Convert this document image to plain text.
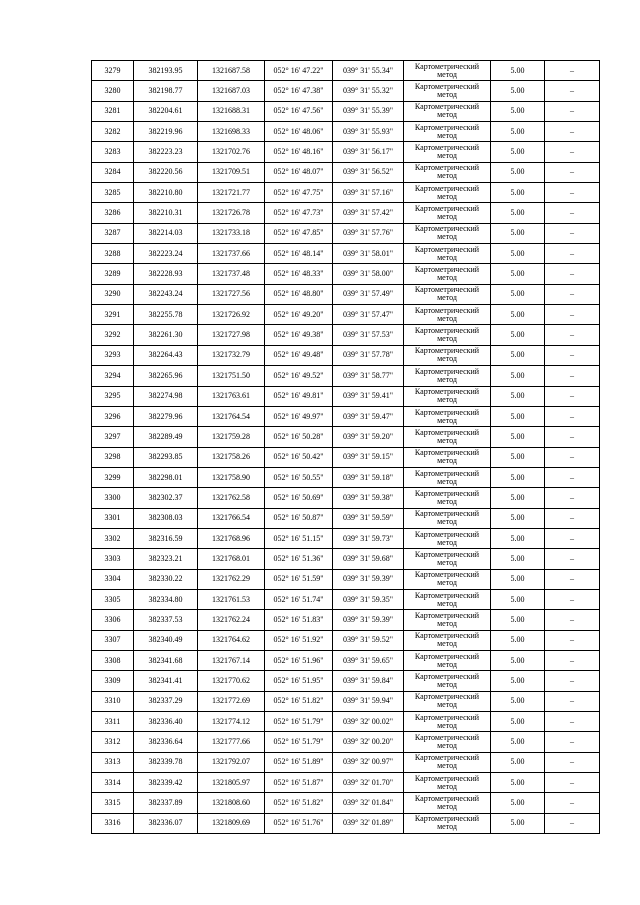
3279	382193.95	1321687.58	052° 16' 47.22"	039° 31' 55.34"	Картометрический метод	5.00	–
3280	382198.77	1321687.03	052° 16' 47.38"	039° 31' 55.32"	Картометрический метод	5.00	–
3281	382204.61	1321688.31	052° 16' 47.56"	039° 31' 55.39"	Картометрический метод	5.00	–
3282	382219.96	1321698.33	052° 16' 48.06"	039° 31' 55.93"	Картометрический метод	5.00	–
3283	382223.23	1321702.76	052° 16' 48.16"	039° 31' 56.17"	Картометрический метод	5.00	–
3284	382220.56	1321709.51	052° 16' 48.07"	039° 31' 56.52"	Картометрический метод	5.00	–
3285	382210.80	1321721.77	052° 16' 47.75"	039° 31' 57.16"	Картометрический метод	5.00	–
3286	382210.31	1321726.78	052° 16' 47.73"	039° 31' 57.42"	Картометрический метод	5.00	–
3287	382214.03	1321733.18	052° 16' 47.85"	039° 31' 57.76"	Картометрический метод	5.00	–
3288	382223.24	1321737.66	052° 16' 48.14"	039° 31' 58.01"	Картометрический метод	5.00	–
3289	382228.93	1321737.48	052° 16' 48.33"	039° 31' 58.00"	Картометрический метод	5.00	–
3290	382243.24	1321727.56	052° 16' 48.80"	039° 31' 57.49"	Картометрический метод	5.00	–
3291	382255.78	1321726.92	052° 16' 49.20"	039° 31' 57.47"	Картометрический метод	5.00	–
3292	382261.30	1321727.98	052° 16' 49.38"	039° 31' 57.53"	Картометрический метод	5.00	–
3293	382264.43	1321732.79	052° 16' 49.48"	039° 31' 57.78"	Картометрический метод	5.00	–
3294	382265.96	1321751.50	052° 16' 49.52"	039° 31' 58.77"	Картометрический метод	5.00	–
3295	382274.98	1321763.61	052° 16' 49.81"	039° 31' 59.41"	Картометрический метод	5.00	–
3296	382279.96	1321764.54	052° 16' 49.97"	039° 31' 59.47"	Картометрический метод	5.00	–
3297	382289.49	1321759.28	052° 16' 50.28"	039° 31' 59.20"	Картометрический метод	5.00	–
3298	382293.85	1321758.26	052° 16' 50.42"	039° 31' 59.15"	Картометрический метод	5.00	–
3299	382298.01	1321758.90	052° 16' 50.55"	039° 31' 59.18"	Картометрический метод	5.00	–
3300	382302.37	1321762.58	052° 16' 50.69"	039° 31' 59.38"	Картометрический метод	5.00	–
3301	382308.03	1321766.54	052° 16' 50.87"	039° 31' 59.59"	Картометрический метод	5.00	–
3302	382316.59	1321768.96	052° 16' 51.15"	039° 31' 59.73"	Картометрический метод	5.00	–
3303	382323.21	1321768.01	052° 16' 51.36"	039° 31' 59.68"	Картометрический метод	5.00	–
3304	382330.22	1321762.29	052° 16' 51.59"	039° 31' 59.39"	Картометрический метод	5.00	–
3305	382334.80	1321761.53	052° 16' 51.74"	039° 31' 59.35"	Картометрический метод	5.00	–
3306	382337.53	1321762.24	052° 16' 51.83"	039° 31' 59.39"	Картометрический метод	5.00	–
3307	382340.49	1321764.62	052° 16' 51.92"	039° 31' 59.52"	Картометрический метод	5.00	–
3308	382341.68	1321767.14	052° 16' 51.96"	039° 31' 59.65"	Картометрический метод	5.00	–
3309	382341.41	1321770.62	052° 16' 51.95"	039° 31' 59.84"	Картометрический метод	5.00	–
3310	382337.29	1321772.69	052° 16' 51.82"	039° 31' 59.94"	Картометрический метод	5.00	–
3311	382336.40	1321774.12	052° 16' 51.79"	039° 32' 00.02"	Картометрический метод	5.00	–
3312	382336.64	1321777.66	052° 16' 51.79"	039° 32' 00.20"	Картометрический метод	5.00	–
3313	382339.78	1321792.07	052° 16' 51.89"	039° 32' 00.97"	Картометрический метод	5.00	–
3314	382339.42	1321805.97	052° 16' 51.87"	039° 32' 01.70"	Картометрический метод	5.00	–
3315	382337.89	1321808.60	052° 16' 51.82"	039° 32' 01.84"	Картометрический метод	5.00	–
3316	382336.07	1321809.69	052° 16' 51.76"	039° 32' 01.89"	Картометрический метод	5.00	–
